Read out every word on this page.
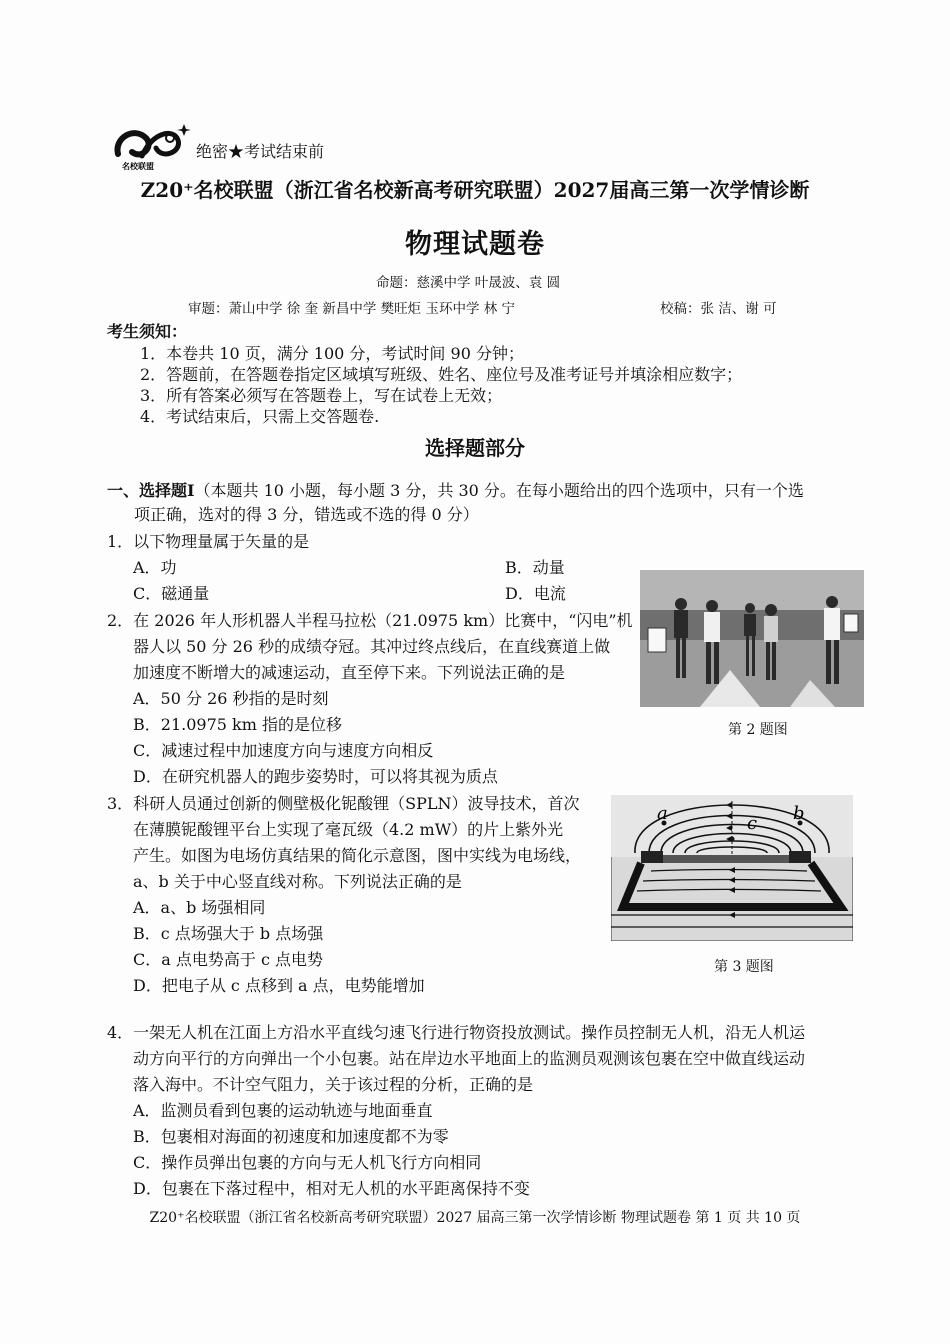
名校联盟
绝密★考试结束前
Z20⁺名校联盟（浙江省名校新高考研究联盟）2027届高三第一次学情诊断
物理试题卷
命题：慈溪中学 叶晟波、袁 圆
审题：萧山中学 徐 奎 新昌中学 樊旺炬 玉环中学 林 宁	校稿：张 洁、谢 可
考生须知：
1．本卷共 10 页，满分 100 分，考试时间 90 分钟；
2．答题前，在答题卷指定区域填写班级、姓名、座位号及准考证号并填涂相应数字；
3．所有答案必须写在答题卷上，写在试卷上无效；
4．考试结束后，只需上交答题卷.
选择题部分
一、选择题Ⅰ（本题共 10 小题，每小题 3 分，共 30 分。在每小题给出的四个选项中，只有一个选
项正确，选对的得 3 分，错选或不选的得 0 分）
1．以下物理量属于矢量的是
A．功	B．动量
C．磁通量	D．电流
2．在 2026 年人形机器人半程马拉松（21.0975 km）比赛中，“闪电”机
器人以 50 分 26 秒的成绩夺冠。其冲过终点线后，在直线赛道上做
加速度不断增大的减速运动，直至停下来。下列说法正确的是
A．50 分 26 秒指的是时刻
B．21.0975 km 指的是位移
C．减速过程中加速度方向与速度方向相反
D．在研究机器人的跑步姿势时，可以将其视为质点
第 2 题图
3．科研人员通过创新的侧壁极化铌酸锂（SPLN）波导技术，首次
在薄膜铌酸锂平台上实现了毫瓦级（4.2 mW）的片上紫外光
产生。如图为电场仿真结果的简化示意图，图中实线为电场线，
a、b 关于中心竖直线对称。下列说法正确的是
A．a、b 场强相同
B．c 点场强大于 b 点场强
C．a 点电势高于 c 点电势
D．把电子从 c 点移到 a 点，电势能增加
a	c b
第 3 题图
4．一架无人机在江面上方沿水平直线匀速飞行进行物资投放测试。操作员控制无人机，沿无人机运
动方向平行的方向弹出一个小包裹。站在岸边水平地面上的监测员观测该包裹在空中做直线运动
落入海中。不计空气阻力，关于该过程的分析，正确的是
A．监测员看到包裹的运动轨迹与地面垂直
B．包裹相对海面的初速度和加速度都不为零
C．操作员弹出包裹的方向与无人机飞行方向相同
D．包裹在下落过程中，相对无人机的水平距离保持不变
Z20⁺名校联盟（浙江省名校新高考研究联盟）2027 届高三第一次学情诊断 物理试题卷 第 1 页 共 10 页
